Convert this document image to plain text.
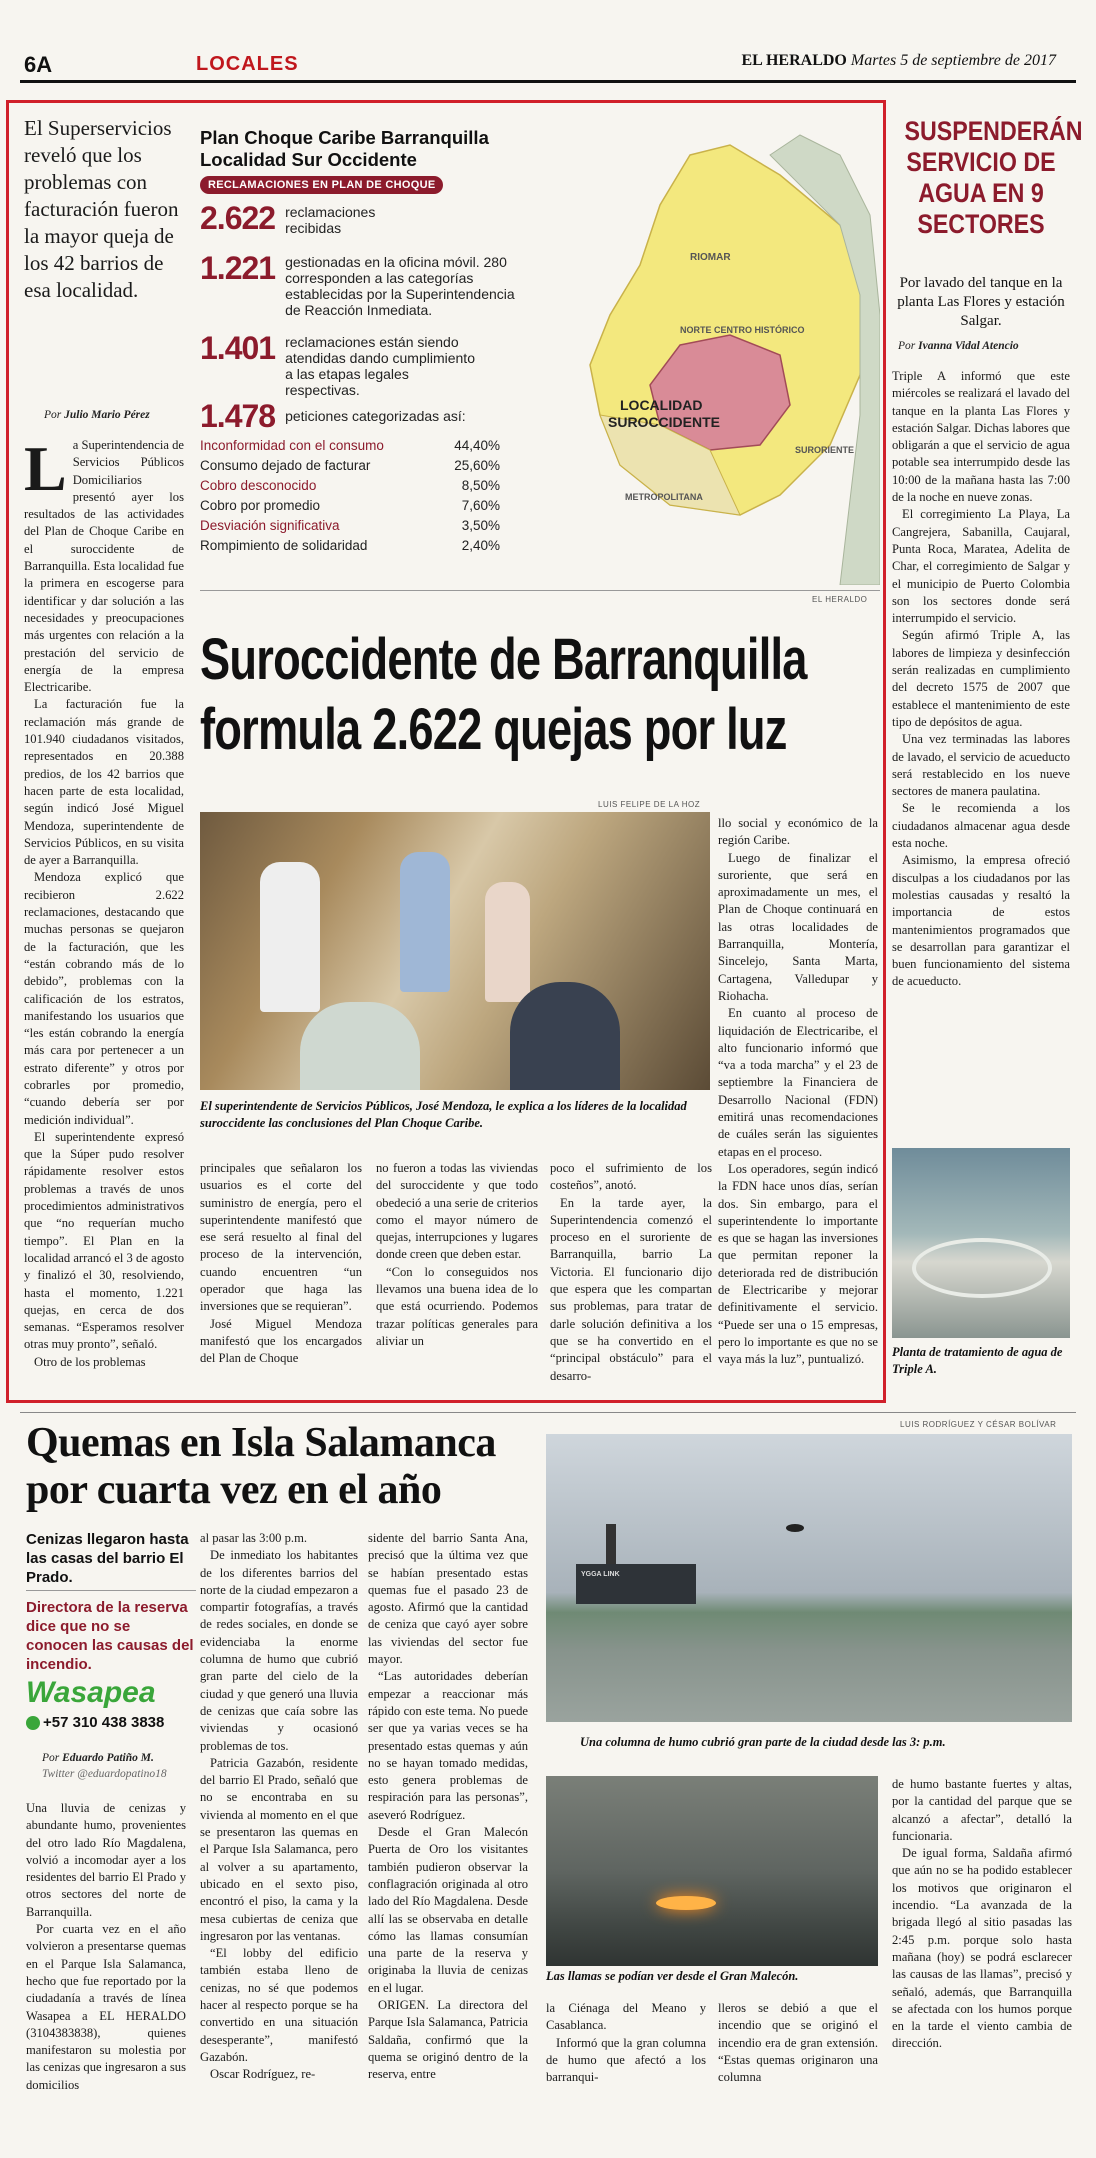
6A	LOCALES	EL HERALDO Martes 5 de septiembre de 2017
El Superservicios reveló que los problemas con facturación fueron la mayor queja de los 42 barrios de esa localidad.
Por Julio Mario Pérez
La Superintendencia de Servicios Públicos Domiciliarios presentó ayer los resultados de las actividades del Plan de Choque Caribe en el suroccidente de Barranquilla. Esta localidad fue la primera en escogerse para identificar y dar solución a las necesidades y preocupaciones más urgentes con relación a la prestación del servicio de energía de la empresa Electricaribe.
La facturación fue la reclamación más grande de 101.940 ciudadanos visitados, representados en 20.388 predios, de los 42 barrios que hacen parte de esta localidad, según indicó José Miguel Mendoza, superintendente de Servicios Públicos, en su visita de ayer a Barranquilla.
Mendoza explicó que recibieron 2.622 reclamaciones, destacando que muchas personas se quejaron de la facturación, que les “están cobrando más de lo debido”, problemas con la calificación de los estratos, manifestando los usuarios que “les están cobrando la energía más cara por pertenecer a un estrato diferente” y otros por cobrarles por promedio, “cuando debería ser por medición individual”.
El superintendente expresó que la Súper pudo resolver rápidamente resolver estos problemas a través de unos procedimientos administrativos que “no requerían mucho tiempo”. El Plan en la localidad arrancó el 3 de agosto y finalizó el 30, resolviendo, hasta el momento, 1.221 quejas, en cerca de dos semanas. “Esperamos resolver otras muy pronto”, señaló.
Otro de los problemas
Plan Choque Caribe Barranquilla
Localidad Sur Occidente
RECLAMACIONES EN PLAN DE CHOQUE
2.622 reclamaciones recibidas
1.221 gestionadas en la oficina móvil. 280 corresponden a las categorías establecidas por la Superintendencia de Reacción Inmediata.
1.401 reclamaciones están siendo atendidas dando cumplimiento a las etapas legales respectivas.
1.478 peticiones categorizadas así:
Inconformidad con el consumo	44,40%
Consumo dejado de facturar	25,60%
Cobro desconocido	8,50%
Cobro por promedio	7,60%
Desviación significativa	3,50%
Rompimiento de solidaridad	2,40%
RIOMAR
NORTE CENTRO HISTÓRICO
LOCALIDAD
SUROCCIDENTE
SURORIENTE
METROPOLITANA
EL HERALDO
Suroccidente de Barranquilla
formula 2.622 quejas por luz
LUIS FELIPE DE LA HOZ
El superintendente de Servicios Públicos, José Mendoza, le explica a los líderes de la localidad suroccidente las conclusiones del Plan Choque Caribe.
llo social y económico de la región Caribe.
Luego de finalizar el suroriente, que será en aproximadamente un mes, el Plan de Choque continuará en las otras localidades de Barranquilla, Montería, Sincelejo, Santa Marta, Cartagena, Valledupar y Riohacha.
En cuanto al proceso de liquidación de Electricaribe, el alto funcionario informó que “va a toda marcha” y el 23 de septiembre la Financiera de Desarrollo Nacional (FDN) emitirá unas recomendaciones de cuáles serán las siguientes etapas en el proceso.
Los operadores, según indicó la FDN hace unos días, serían dos. Sin embargo, para el superintendente lo importante es que se hagan las inversiones que permitan reponer la deteriorada red de distribución de Electricaribe y mejorar definitivamente el servicio. “Puede ser una o 15 empresas, pero lo importante es que no se vaya más la luz”, puntualizó.
principales que señalaron los usuarios es el corte del suministro de energía, pero el superintendente manifestó que ese será resuelto al final del proceso de la intervención, cuando encuentren “un operador que haga las inversiones que se requieran”.
José Miguel Mendoza manifestó que los encargados del Plan de Choque
no fueron a todas las viviendas del suroccidente y que todo obedeció a una serie de criterios como el mayor número de quejas, interrupciones y lugares donde creen que deben estar.
“Con lo conseguidos nos llevamos una buena idea de lo que está ocurriendo. Podemos trazar políticas generales para aliviar un
poco el sufrimiento de los costeños”, anotó.
En la tarde ayer, la Superintendencia comenzó el proceso en el suroriente de Barranquilla, barrio La Victoria. El funcionario dijo que espera que les compartan sus problemas, para tratar de darle solución definitiva a los que se ha convertido en el “principal obstáculo” para el desarro-
SUSPENDERÁN
SERVICIO DE
AGUA EN 9
SECTORES
Por lavado del tanque en la planta Las Flores y estación Salgar.
Por Ivanna Vidal Atencio
Triple A informó que este miércoles se realizará el lavado del tanque en la planta Las Flores y estación Salgar. Dichas labores que obligarán a que el servicio de agua potable sea interrumpido desde las 10:00 de la mañana hasta las 7:00 de la noche en nueve zonas.
El corregimiento La Playa, La Cangrejera, Sabanilla, Caujaral, Punta Roca, Maratea, Adelita de Char, el corregimiento de Salgar y el municipio de Puerto Colombia son los sectores donde será interrumpido el servicio.
Según afirmó Triple A, las labores de limpieza y desinfección serán realizadas en cumplimiento del decreto 1575 de 2007 que establece el mantenimiento de este tipo de depósitos de agua.
Una vez terminadas las labores de lavado, el servicio de acueducto será restablecido en los nueve sectores de manera paulatina.
Se le recomienda a los ciudadanos almacenar agua desde esta noche.
Asimismo, la empresa ofreció disculpas a los ciudadanos por las molestias causadas y resaltó la importancia de estos mantenimientos programados que se desarrollan para garantizar el buen funcionamiento del sistema de acueducto.
Planta de tratamiento de agua de Triple A.
Quemas en Isla Salamanca
por cuarta vez en el año
LUIS RODRÍGUEZ Y CÉSAR BOLÍVAR
Cenizas llegaron hasta las casas del barrio El Prado.
Directora de la reserva dice que no se conocen las causas del incendio.
Wasapea
+57 310 438 3838
Por Eduardo Patiño M.
Twitter @eduardopatino18
Una lluvia de cenizas y abundante humo, provenientes del otro lado Río Magdalena, volvió a incomodar ayer a los residentes del barrio El Prado y otros sectores del norte de Barranquilla.
Por cuarta vez en el año volvieron a presentarse quemas en el Parque Isla Salamanca, hecho que fue reportado por la ciudadanía a través de línea Wasapea a EL HERALDO (3104383838), quienes manifestaron su molestia por las cenizas que ingresaron a sus domicilios
al pasar las 3:00 p.m.
De inmediato los habitantes de los diferentes barrios del norte de la ciudad empezaron a compartir fotografías, a través de redes sociales, en donde se evidenciaba la enorme columna de humo que cubrió gran parte del cielo de la ciudad y que generó una lluvia de cenizas que caía sobre las viviendas y ocasionó problemas de tos.
Patricia Gazabón, residente del barrio El Prado, señaló que no se encontraba en su vivienda al momento en el que se presentaron las quemas en el Parque Isla Salamanca, pero al volver a su apartamento, ubicado en el sexto piso, encontró el piso, la cama y la mesa cubiertas de ceniza que ingresaron por las ventanas.
“El lobby del edificio también estaba lleno de cenizas, no sé que podemos hacer al respecto porque se ha convertido en una situación desesperante”, manifestó Gazabón.
Oscar Rodríguez, re-
sidente del barrio Santa Ana, precisó que la última vez que se habían presentado estas quemas fue el pasado 23 de agosto. Afirmó que la cantidad de ceniza que cayó ayer sobre las viviendas del sector fue mayor.
“Las autoridades deberían empezar a reaccionar más rápido con este tema. No puede ser que ya varias veces se ha presentado estas quemas y aún no se hayan tomado medidas, esto genera problemas de respiración para las personas”, aseveró Rodríguez.
Desde el Gran Malecón Puerta de Oro los visitantes también pudieron observar la conflagración originada al otro lado del Río Magdalena. Desde allí las se observaba en detalle cómo las llamas consumían una parte de la reserva y originaba la lluvia de cenizas en el lugar.
ORIGEN. La directora del Parque Isla Salamanca, Patricia Saldaña, confirmó que la quema se originó dentro de la reserva, entre
YGGA LINK
Una columna de humo cubrió gran parte de la ciudad desde las 3: p.m.
Las llamas se podían ver desde el Gran Malecón.
la Ciénaga del Meano y Casablanca.
Informó que la gran columna de humo que afectó a los barranqui-
lleros se debió a que el incendio que se originó el incendio era de gran extensión. “Estas quemas originaron una columna
de humo bastante fuertes y altas, por la cantidad del parque que se alcanzó a afectar”, detalló la funcionaria.
De igual forma, Saldaña afirmó que aún no se ha podido establecer los motivos que originaron el incendio. “La avanzada de la brigada llegó al sitio pasadas las 2:45 p.m. porque solo hasta mañana (hoy) se podrá esclarecer las causas de las llamas”, precisó y señaló, además, que Barranquilla se afectada con los humos porque en la tarde el viento cambia de dirección.
